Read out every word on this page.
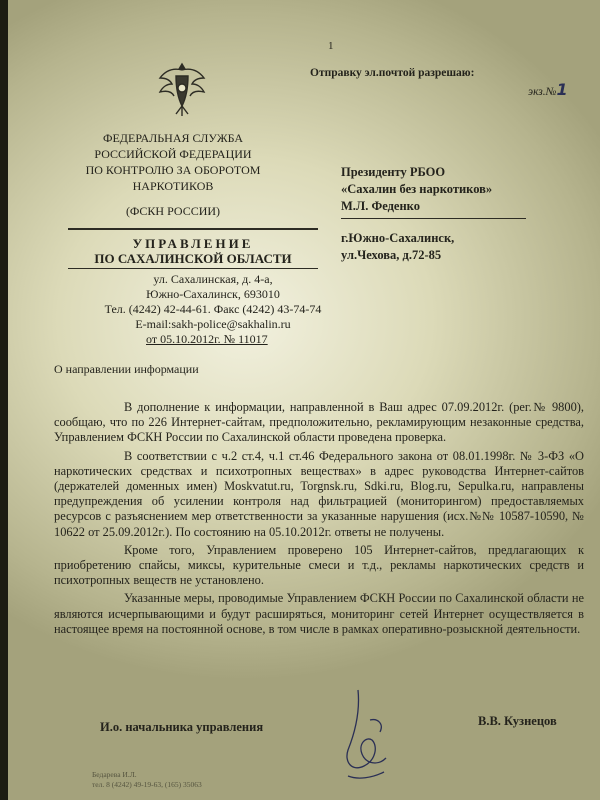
1
Отправку эл.почтой разрешаю:
экз.№1
ФЕДЕРАЛЬНАЯ СЛУЖБА
РОССИЙСКОЙ ФЕДЕРАЦИИ
ПО КОНТРОЛЮ ЗА ОБОРОТОМ
НАРКОТИКОВ
(ФСКН РОССИИ)
УПРАВЛЕНИЕ
ПО САХАЛИНСКОЙ ОБЛАСТИ
ул. Сахалинская, д. 4-а,
Южно-Сахалинск, 693010
Тел. (4242) 42-44-61. Факс (4242) 43-74-74
E-mail:sakh-police@sakhalin.ru
от 05.10.2012г. № 11017
О направлении информации
Президенту РБОО
«Сахалин без наркотиков»
М.Л. Феденко
г.Южно-Сахалинск,
ул.Чехова, д.72-85

В дополнение к информации, направленной в Ваш адрес 07.09.2012г. (рег.№ 9800), сообщаю, что по 226 Интернет-сайтам, предположительно, рекламирующим незаконные средства, Управлением ФСКН России по Сахалинской области проведена проверка.

В соответствии с ч.2 ст.4, ч.1 ст.46 Федерального закона от 08.01.1998г. № 3-ФЗ «О наркотических средствах и психотропных веществах» в адрес руководства Интернет-сайтов (держателей доменных имен) Moskvatut.ru, Torgnsk.ru, Sdki.ru, Blog.ru, Sepulka.ru, направлены предупреждения об усилении контроля над фильтрацией (мониторингом) предоставляемых ресурсов с разъяснением мер ответственности за указанные нарушения (исх.№№ 10587-10590, № 10622 от 25.09.2012г.). По состоянию на 05.10.2012г. ответы не получены.

Кроме того, Управлением проверено 105 Интернет-сайтов, предлагающих к приобретению спайсы, миксы, курительные смеси и т.д., рекламы наркотических средств и психотропных веществ не установлено.

Указанные меры, проводимые Управлением ФСКН России по Сахалинской области не являются исчерпывающими и будут расширяться, мониторинг сетей Интернет осуществляется в настоящее время на постоянной основе, в том числе в рамках оперативно-розыскной деятельности.

И.о. начальника управления	В.В. Кузнецов
Бедарева И.Л.
тел. 8 (4242) 49-19-63, (165) 35063
